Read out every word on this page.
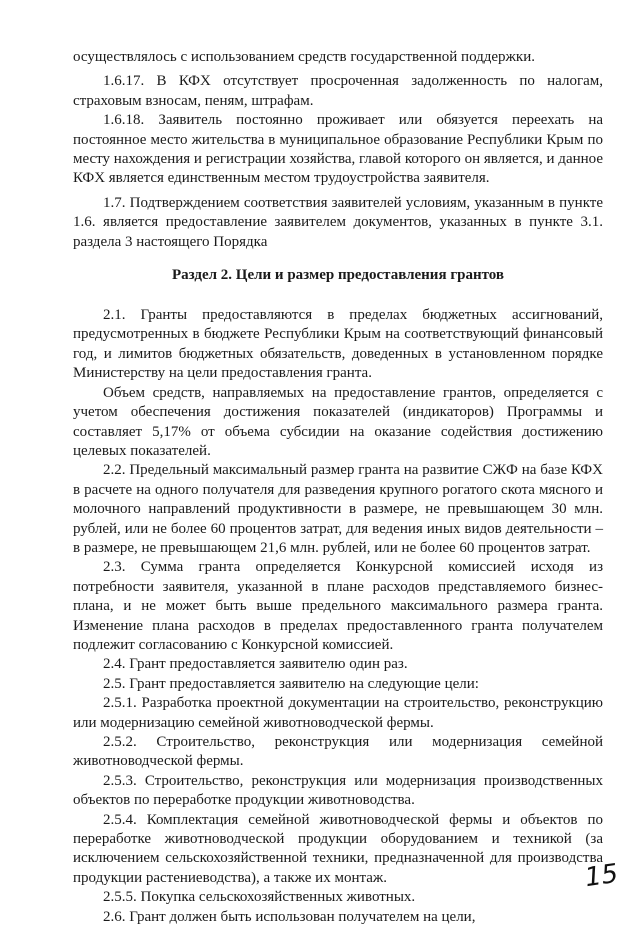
осуществлялось с использованием средств государственной поддержки.

1.6.17. В КФХ отсутствует просроченная задолженность по налогам, страховым взносам, пеням, штрафам.

1.6.18. Заявитель постоянно проживает или обязуется переехать на постоянное место жительства в муниципальное образование Республики Крым по месту нахождения и регистрации хозяйства, главой которого он является, и данное КФХ является единственным местом трудоустройства заявителя.

1.7. Подтверждением соответствия заявителей условиям, указанным в пункте 1.6. является предоставление заявителем документов, указанных в пункте 3.1. раздела 3 настоящего Порядка

Раздел 2. Цели и размер предоставления грантов

2.1. Гранты предоставляются в пределах бюджетных ассигнований, предусмотренных в бюджете Республики Крым на соответствующий финансовый год, и лимитов бюджетных обязательств, доведенных в установленном порядке Министерству на цели предоставления гранта.

Объем средств, направляемых на предоставление грантов, определяется с учетом обеспечения достижения показателей (индикаторов) Программы и составляет 5,17% от объема субсидии на оказание содействия достижению целевых показателей.

2.2. Предельный максимальный размер гранта на развитие СЖФ на базе КФХ в расчете на одного получателя для разведения крупного рогатого скота мясного и молочного направлений продуктивности в размере, не превышающем 30 млн. рублей, или не более 60 процентов затрат, для ведения иных видов деятельности – в размере, не превышающем 21,6 млн. рублей, или не более 60 процентов затрат.

2.3. Сумма гранта определяется Конкурсной комиссией исходя из потребности заявителя, указанной в плане расходов представляемого бизнес-плана, и не может быть выше предельного максимального размера гранта. Изменение плана расходов в пределах предоставленного гранта получателем подлежит согласованию с Конкурсной комиссией.

2.4. Грант предоставляется заявителю один раз.

2.5. Грант предоставляется заявителю на следующие цели:

2.5.1. Разработка проектной документации на строительство, реконструкцию или модернизацию семейной животноводческой фермы.

2.5.2. Строительство, реконструкция или модернизация семейной животноводческой фермы.

2.5.3. Строительство, реконструкция или модернизация производственных объектов по переработке продукции животноводства.

2.5.4. Комплектация семейной животноводческой фермы и объектов по переработке животноводческой продукции оборудованием и техникой (за исключением сельскохозяйственной техники, предназначенной для производства продукции растениеводства), а также их монтаж.

2.5.5. Покупка сельскохозяйственных животных.

2.6. Грант должен быть использован получателем на цели,

15
